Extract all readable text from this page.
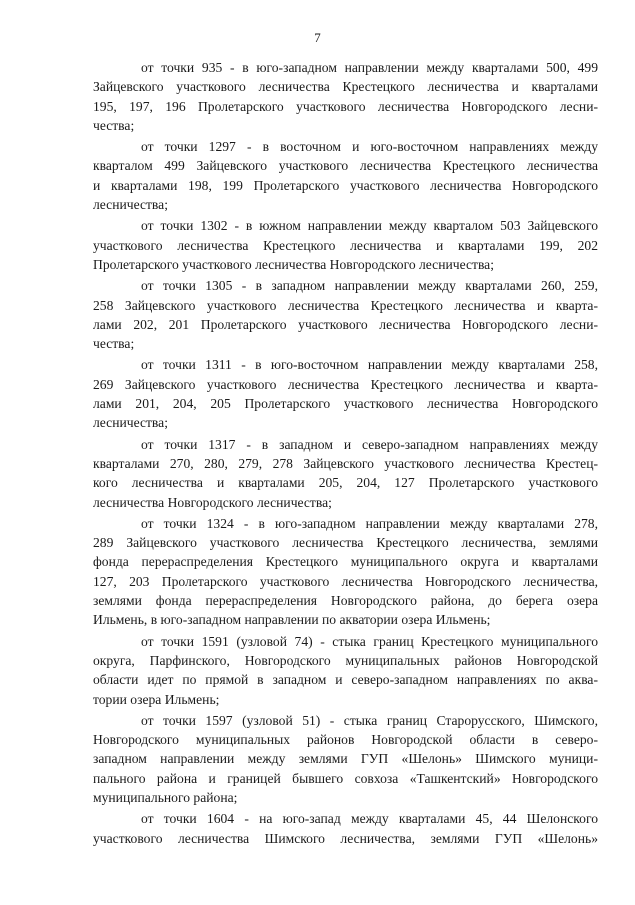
7

от точки 935 - в юго-западном направлении между кварталами 500, 499
Зайцевского участкового лесничества Крестецкого лесничества и кварталами
195, 197, 196 Пролетарского участкового лесничества Новгородского лесни-
чества;

от точки 1297 - в восточном и юго-восточном направлениях между
кварталом 499 Зайцевского участкового лесничества Крестецкого лесничества
и кварталами 198, 199 Пролетарского участкового лесничества Новгородского
лесничества;

от точки 1302 - в южном направлении между кварталом 503 Зайцевского
участкового лесничества Крестецкого лесничества и кварталами 199, 202
Пролетарского участкового лесничества Новгородского лесничества;

от точки 1305 - в западном направлении между кварталами 260, 259,
258 Зайцевского участкового лесничества Крестецкого лесничества и кварта-
лами 202, 201 Пролетарского участкового лесничества Новгородского лесни-
чества;

от точки 1311 - в юго-восточном направлении между кварталами 258,
269 Зайцевского участкового лесничества Крестецкого лесничества и кварта-
лами 201, 204, 205 Пролетарского участкового лесничества Новгородского
лесничества;

от точки 1317 - в западном и северо-западном направлениях между
кварталами 270, 280, 279, 278 Зайцевского участкового лесничества Крестец-
кого лесничества и кварталами 205, 204, 127 Пролетарского участкового
лесничества Новгородского лесничества;

от точки 1324 - в юго-западном направлении между кварталами 278,
289 Зайцевского участкового лесничества Крестецкого лесничества, землями
фонда перераспределения Крестецкого муниципального округа и кварталами
127, 203 Пролетарского участкового лесничества Новгородского лесничества,
землями фонда перераспределения Новгородского района, до берега озера
Ильмень, в юго-западном направлении по акватории озера Ильмень;

от точки 1591 (узловой 74) - стыка границ Крестецкого муниципального
округа, Парфинского, Новгородского муниципальных районов Новгородской
области идет по прямой в западном и северо-западном направлениях по аква-
тории озера Ильмень;

от точки 1597 (узловой 51) - стыка границ Старорусского, Шимского,
Новгородского муниципальных районов Новгородской области в северо-
западном направлении между землями ГУП «Шелонь» Шимского муници-
пального района и границей бывшего совхоза «Ташкентский» Новгородского
муниципального района;

от точки 1604 - на юго-запад между кварталами 45, 44 Шелонского
участкового лесничества Шимского лесничества, землями ГУП «Шелонь»
